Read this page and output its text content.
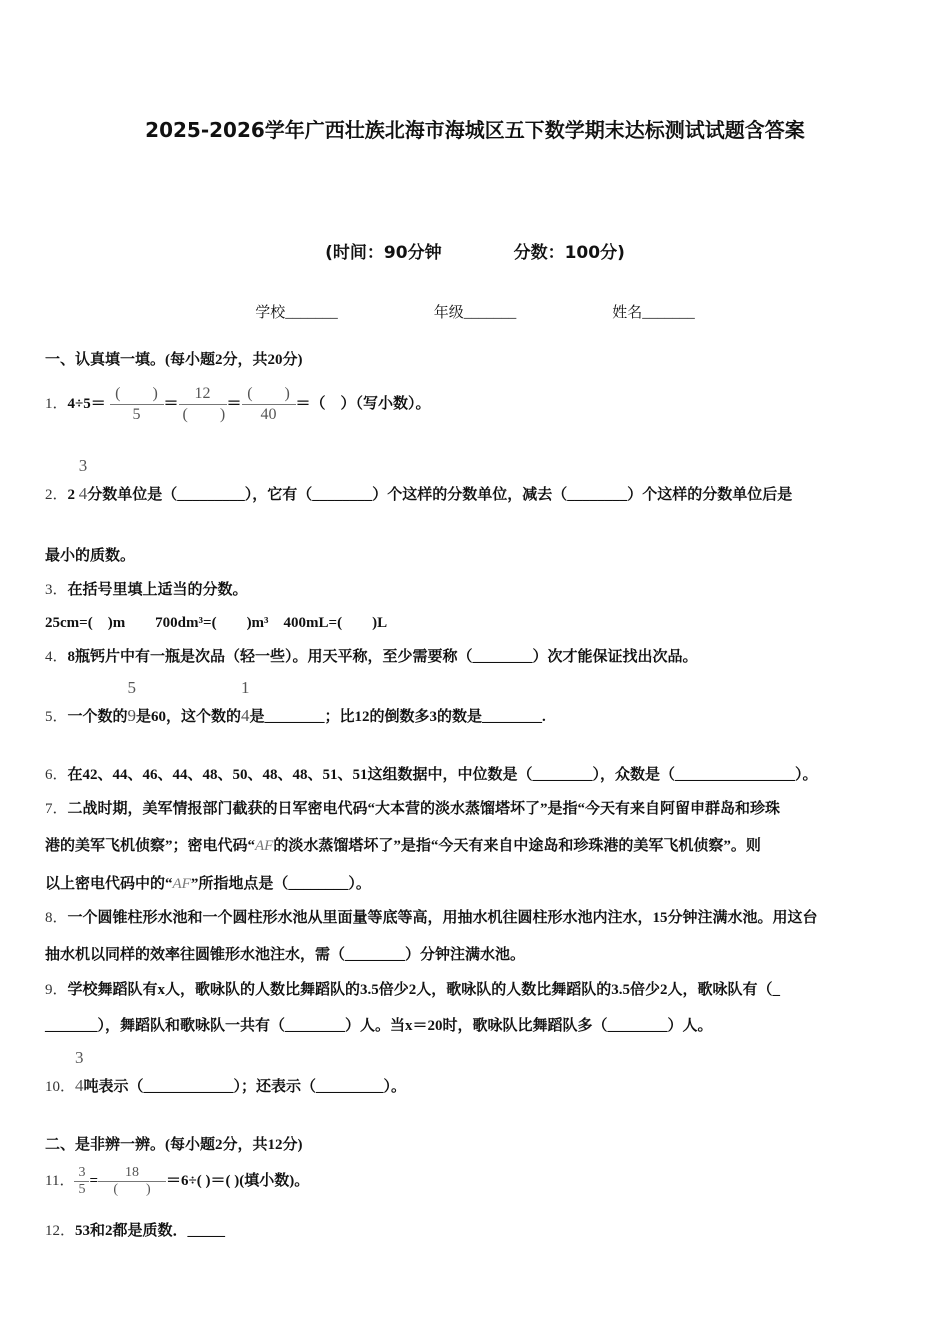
2025-2026学年广西壮族北海市海城区五下数学期末达标测试试题含答案
(时间：90分钟	分数：100分)
学校_______	年级_______	姓名_______
一、认真填一填。(每小题2分，共20分)
1．$4\div 5= \frac{( )}{5} = \frac{12}{( )} = \frac{( )}{40}$ ＝（　）（写小数）。
2．2
3
4分数单位是（_________），它有（________）个这样的分数单位，减去（________）个这样的分数单位后是
最小的质数。
3．在括号里填上适当的分数。
25cm=(　)m　　700dm³=(　　)m³　400mL=(　　)L
4．8瓶钙片中有一瓶是次品（轻一些）。用天平称，至少需要称（________）次才能保证找出次品。
5．一个数的
5
9是60，这个数的
1
4是________；比12的倒数多3的数是________.
6．在42、44、46、44、48、50、48、48、51、51这组数据中，中位数是（________），众数是（________________）。
7．二战时期，美军情报部门截获的日军密电代码“大本营的淡水蒸馏塔坏了”是指“今天有来自阿留申群岛和珍珠
港的美军飞机侦察”；密电代码“AF的淡水蒸馏塔坏了”是指“今天有来自中途岛和珍珠港的美军飞机侦察”。则
以上密电代码中的“AF”所指地点是（________）。
8．一个圆锥柱形水池和一个圆柱形水池从里面量等底等高，用抽水机往圆柱形水池内注水，15分钟注满水池。用这台
抽水机以同样的效率往圆锥形水池注水，需（________）分钟注满水池。
9．学校舞蹈队有x人，歌咏队的人数比舞蹈队的3.5倍少2人，歌咏队的人数比舞蹈队的3.5倍少2人，歌咏队有（_
_______），舞蹈队和歌咏队一共有（________）人。当x＝20时，歌咏队比舞蹈队多（________）人。
10．
3
4吨表示（____________）；还表示（_________）。
二、是非辨一辨。(每小题2分，共12分)
11． $\frac{3}{5} = \frac{18}{( )} =6\div$( )＝( )(填小数)。
12．53和2都是质数．_____
